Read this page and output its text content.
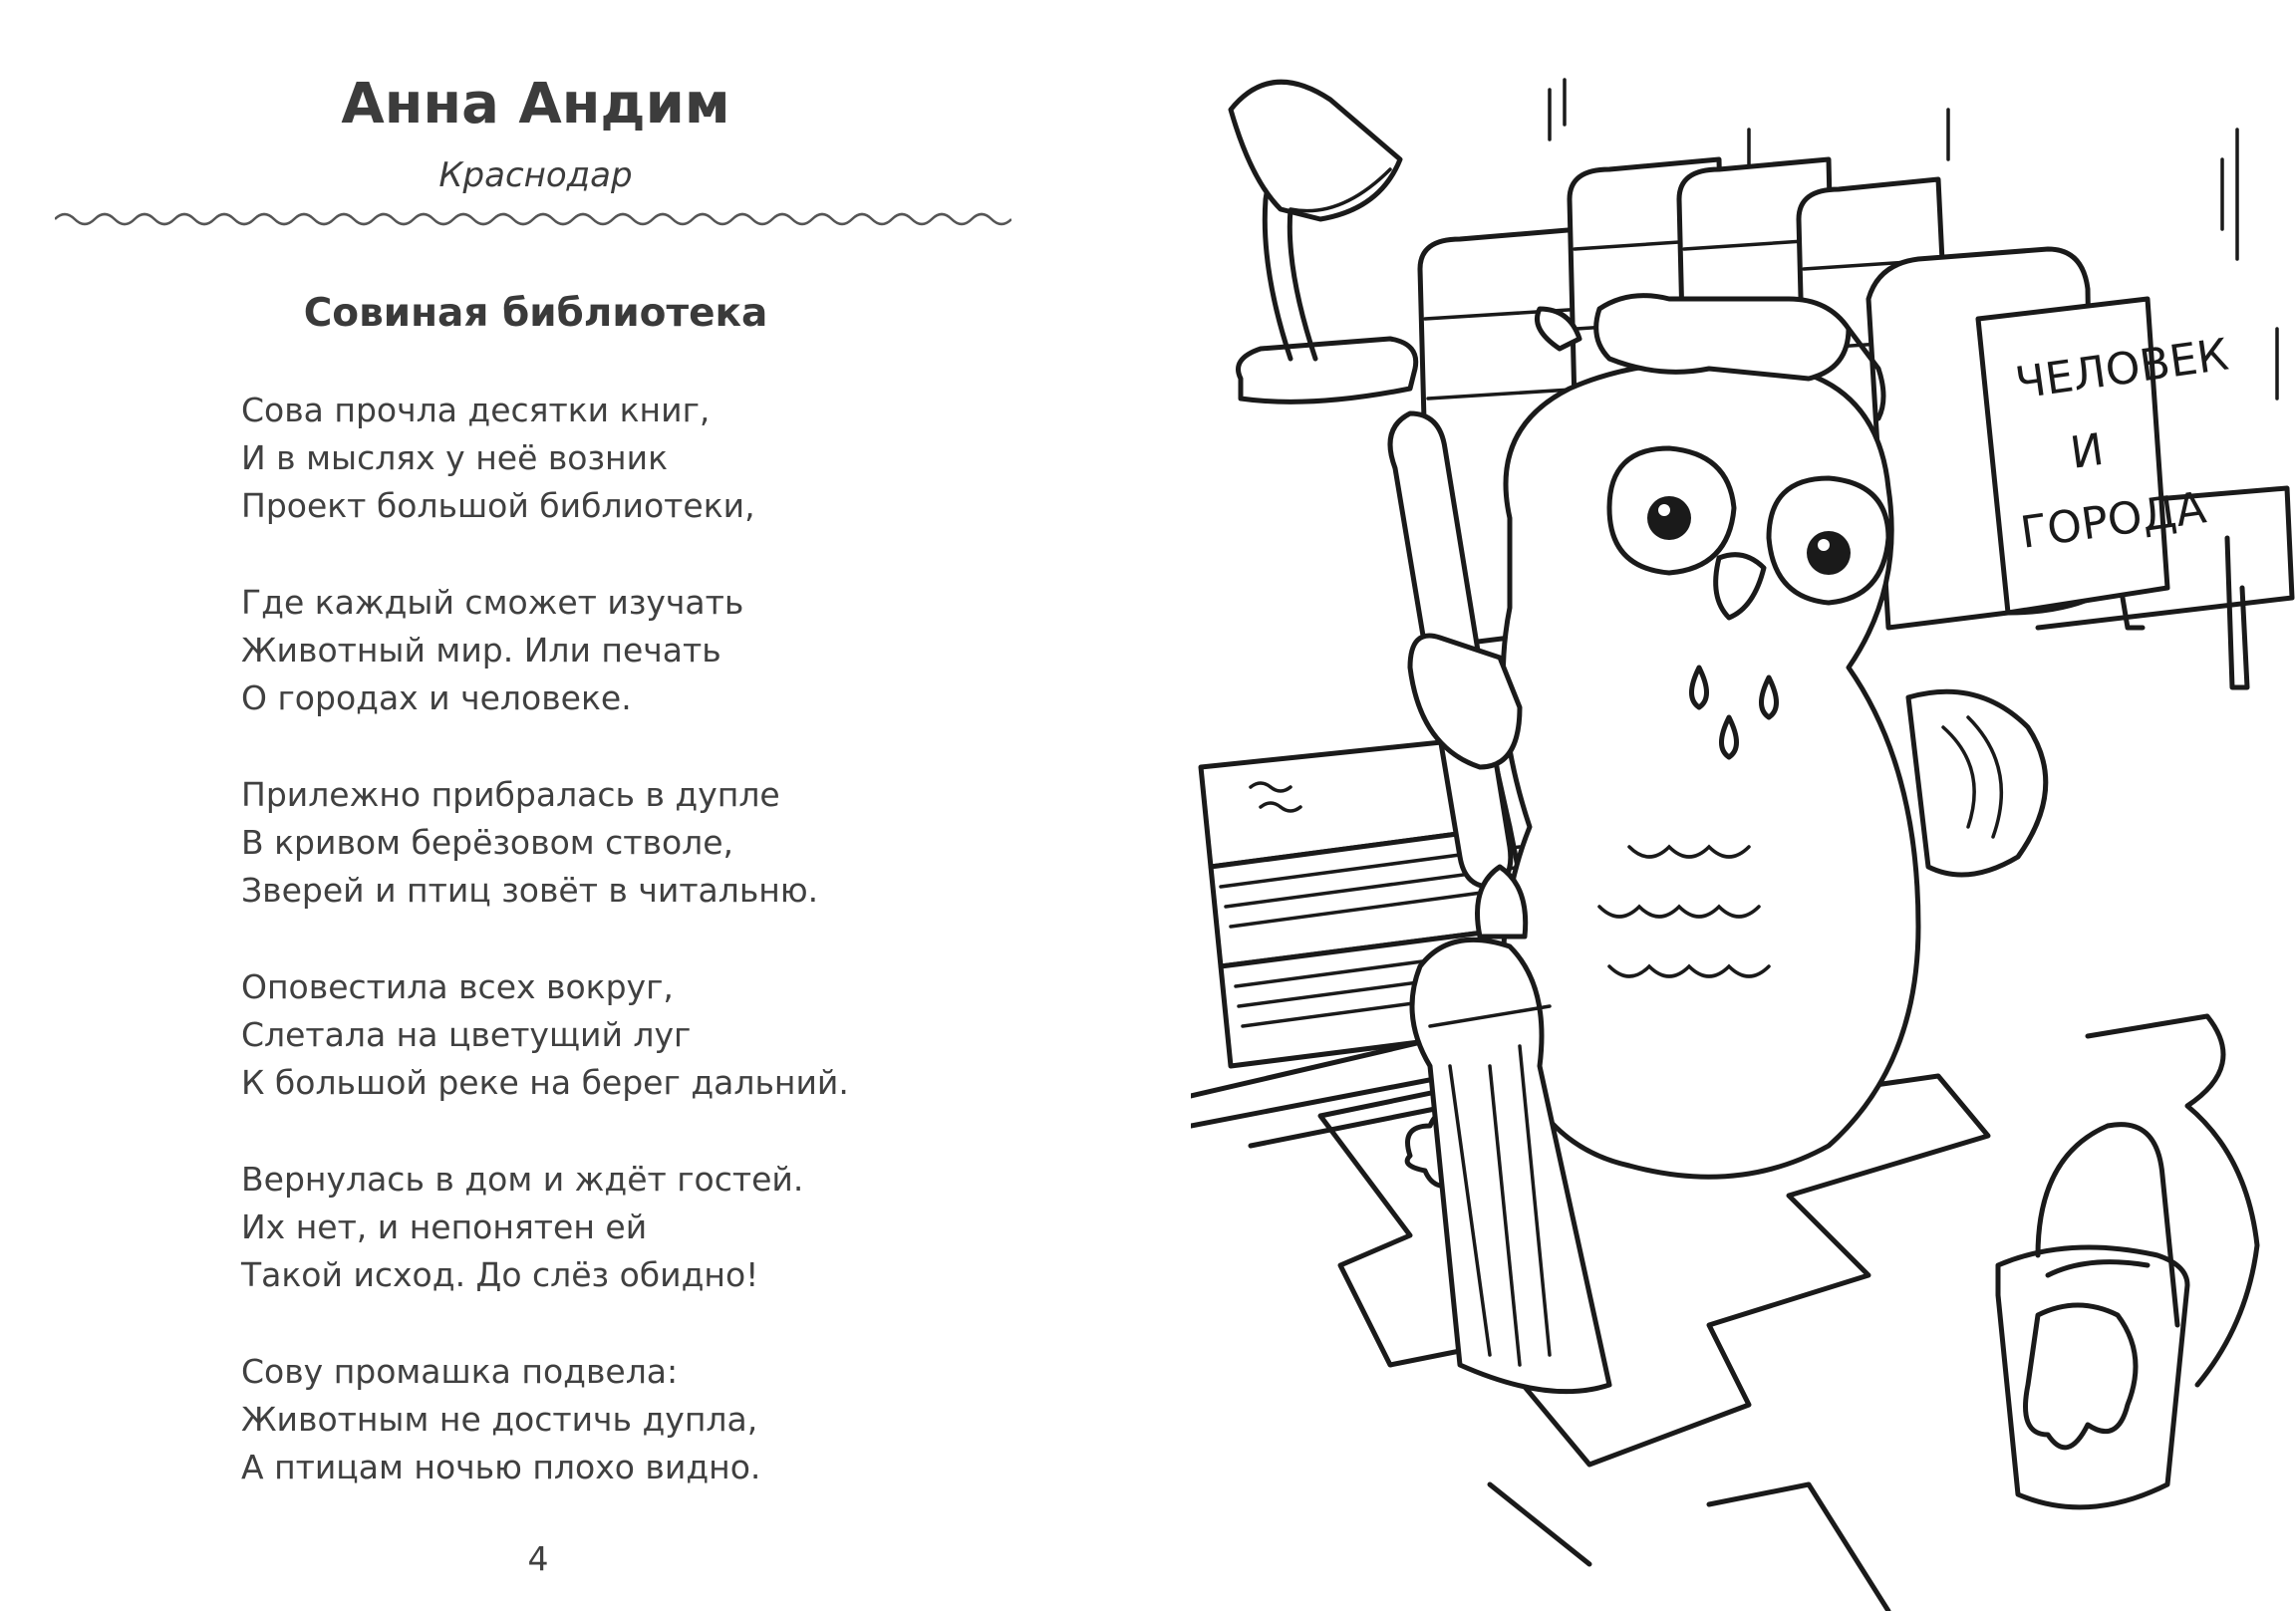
Анна Андим
Краснодар
Совиная библиотека
Сова прочла десятки книг,
И в мыслях у неё возник
Проект большой библиотеки,
Где каждый сможет изучать
Животный мир. Или печать
О городах и человеке.
Прилежно прибралась в дупле
В кривом берёзовом стволе,
Зверей и птиц зовёт в читальню.
Оповестила всех вокруг,
Слетала на цветущий луг
К большой реке на берег дальний.
Вернулась в дом и ждёт гостей.
Их нет, и непонятен ей
Такой исход. До слёз обидно!
Сову промашка подвела:
Животным не достичь дупла,
А птицам ночью плохо видно.
4
ЧЕЛОВЕК
И
ГОРОДА
